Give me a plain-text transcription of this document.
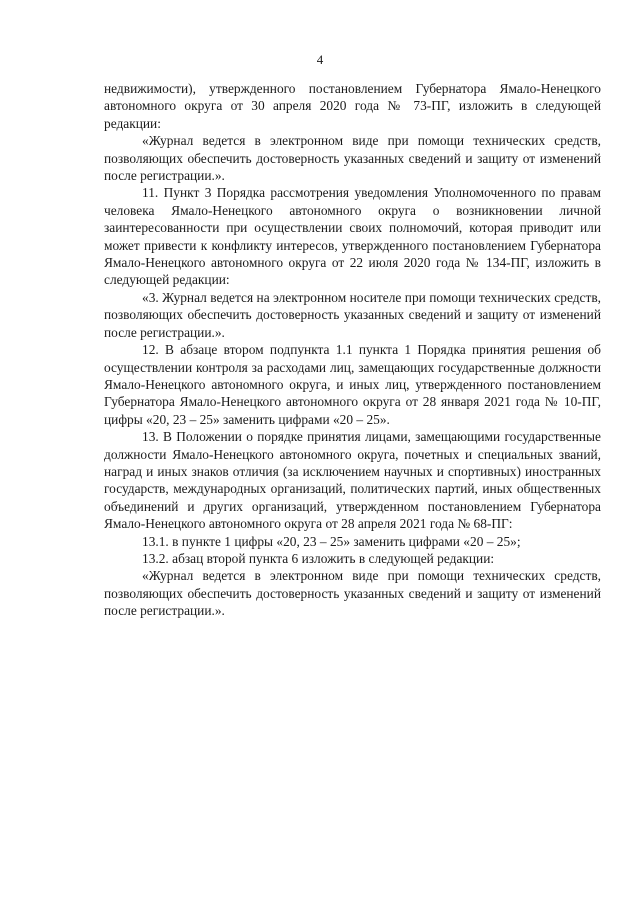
4

недвижимости), утвержденного постановлением Губернатора Ямало-Ненецкого автономного округа от 30 апреля 2020 года № 73-ПГ, изложить в следующей редакции:

«Журнал ведется в электронном виде при помощи технических средств, позволяющих обеспечить достоверность указанных сведений и защиту от изменений после регистрации.».

11. Пункт 3 Порядка рассмотрения уведомления Уполномоченного по правам человека Ямало-Ненецкого автономного округа о возникновении личной заинтересованности при осуществлении своих полномочий, которая приводит или может привести к конфликту интересов, утвержденного постановлением Губернатора Ямало-Ненецкого автономного округа от 22 июля 2020 года № 134-ПГ, изложить в следующей редакции:

«3. Журнал ведется на электронном носителе при помощи технических средств, позволяющих обеспечить достоверность указанных сведений и защиту от изменений после регистрации.».

12. В абзаце втором подпункта 1.1 пункта 1 Порядка принятия решения об осуществлении контроля за расходами лиц, замещающих государственные должности Ямало-Ненецкого автономного округа, и иных лиц, утвержденного постановлением Губернатора Ямало-Ненецкого автономного округа от 28 января 2021 года № 10-ПГ, цифры «20, 23 – 25» заменить цифрами «20 – 25».

13. В Положении о порядке принятия лицами, замещающими государственные должности Ямало-Ненецкого автономного округа, почетных и специальных званий, наград и иных знаков отличия (за исключением научных и спортивных) иностранных государств, международных организаций, политических партий, иных общественных объединений и других организаций, утвержденном постановлением Губернатора Ямало-Ненецкого автономного округа от 28 апреля 2021 года № 68-ПГ:

13.1. в пункте 1 цифры «20, 23 – 25» заменить цифрами «20 – 25»;

13.2. абзац второй пункта 6 изложить в следующей редакции:

«Журнал ведется в электронном виде при помощи технических средств, позволяющих обеспечить достоверность указанных сведений и защиту от изменений после регистрации.».
